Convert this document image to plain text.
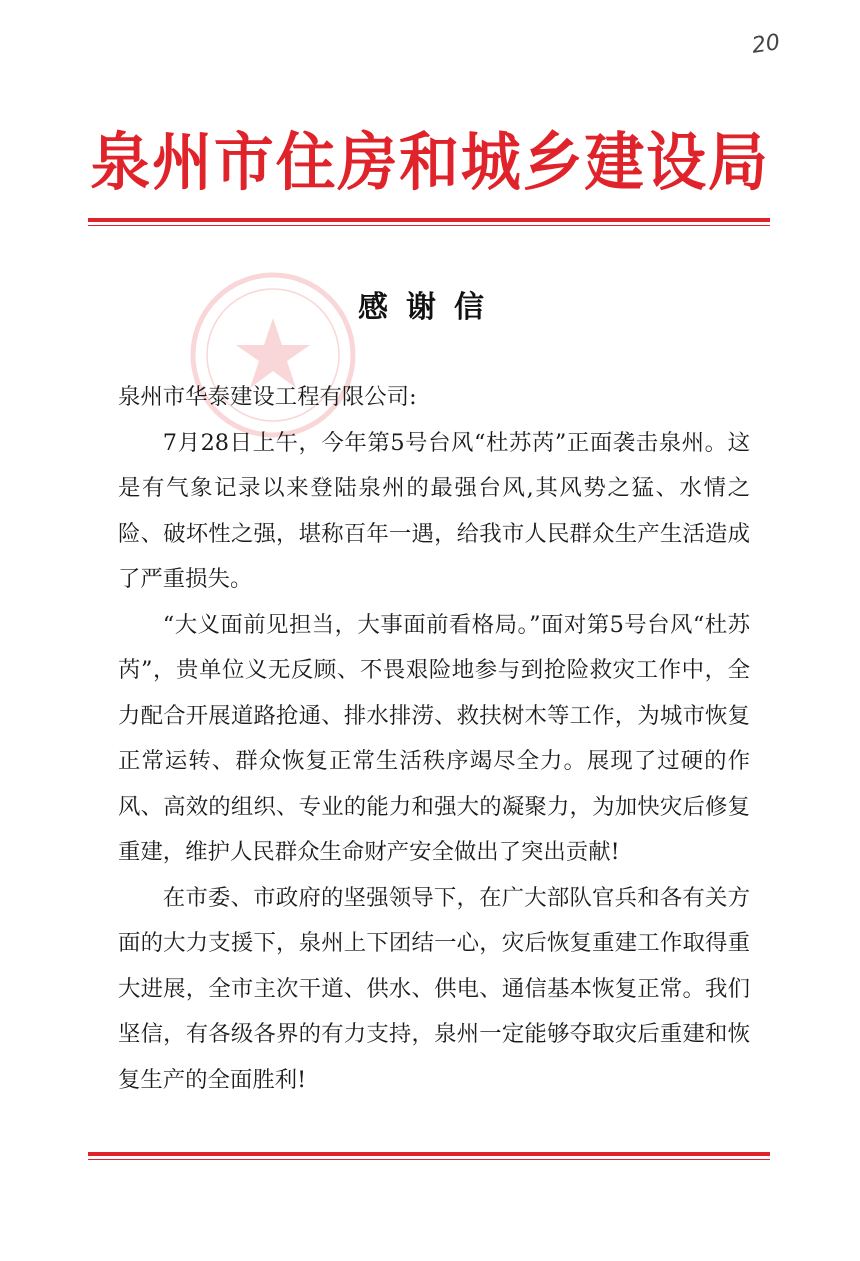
20
泉州市住房和城乡建设局
感谢信

泉州市华泰建设工程有限公司:

7月28日上午，今年第5号台风“杜苏芮”正面袭击泉州。这是有气象记录以来登陆泉州的最强台风,其风势之猛、水情之险、破坏性之强，堪称百年一遇，给我市人民群众生产生活造成了严重损失。

“大义面前见担当，大事面前看格局。”面对第5号台风“杜苏芮”，贵单位义无反顾、不畏艰险地参与到抢险救灾工作中，全力配合开展道路抢通、排水排涝、救扶树木等工作，为城市恢复正常运转、群众恢复正常生活秩序竭尽全力。展现了过硬的作风、高效的组织、专业的能力和强大的凝聚力，为加快灾后修复重建，维护人民群众生命财产安全做出了突出贡献!

在市委、市政府的坚强领导下，在广大部队官兵和各有关方面的大力支援下，泉州上下团结一心，灾后恢复重建工作取得重大进展，全市主次干道、供水、供电、通信基本恢复正常。我们坚信，有各级各界的有力支持，泉州一定能够夺取灾后重建和恢复生产的全面胜利!
